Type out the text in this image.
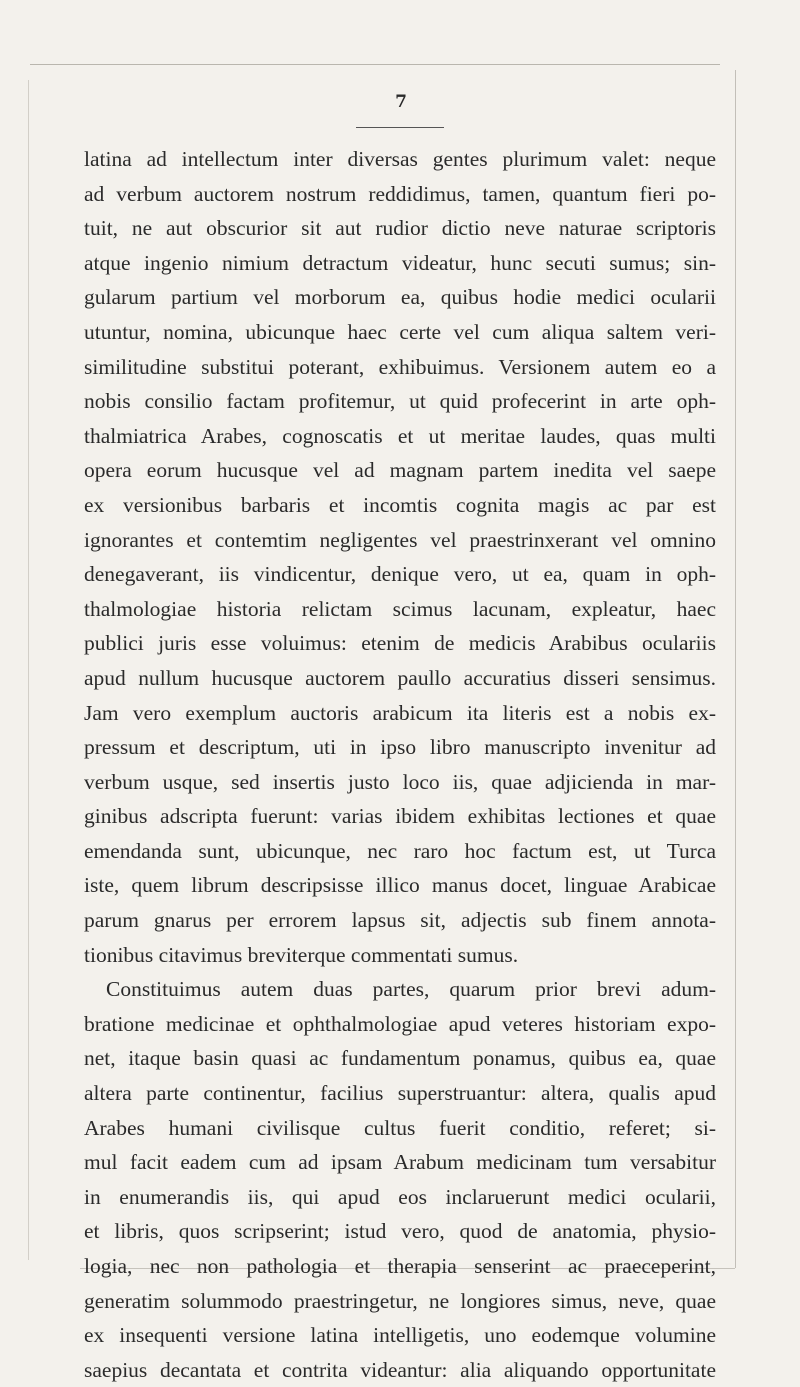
7
latina ad intellectum inter diversas gentes plurimum valet: neque
ad verbum auctorem nostrum reddidimus, tamen, quantum fieri po-
tuit, ne aut obscurior sit aut rudior dictio neve naturae scriptoris
atque ingenio nimium detractum videatur, hunc secuti sumus; sin-
gularum partium vel morborum ea, quibus hodie medici ocularii
utuntur, nomina, ubicunque haec certe vel cum aliqua saltem veri-
similitudine substitui poterant, exhibuimus. Versionem autem eo a
nobis consilio factam profitemur, ut quid profecerint in arte oph-
thalmiatrica Arabes, cognoscatis et ut meritae laudes, quas multi
opera eorum hucusque vel ad magnam partem inedita vel saepe
ex versionibus barbaris et incomtis cognita magis ac par est
ignorantes et contemtim negligentes vel praestrinxerant vel omnino
denegaverant, iis vindicentur, denique vero, ut ea, quam in oph-
thalmologiae historia relictam scimus lacunam, expleatur, haec
publici juris esse voluimus: etenim de medicis Arabibus oculariis
apud nullum hucusque auctorem paullo accuratius disseri sensimus.
Jam vero exemplum auctoris arabicum ita literis est a nobis ex-
pressum et descriptum, uti in ipso libro manuscripto invenitur ad
verbum usque, sed insertis justo loco iis, quae adjicienda in mar-
ginibus adscripta fuerunt: varias ibidem exhibitas lectiones et quae
emendanda sunt, ubicunque, nec raro hoc factum est, ut Turca
iste, quem librum descripsisse illico manus docet, linguae Arabicae
parum gnarus per errorem lapsus sit, adjectis sub finem annota-
tionibus citavimus breviterque commentati sumus.
Constituimus autem duas partes, quarum prior brevi adum-
bratione medicinae et ophthalmologiae apud veteres historiam expo-
net, itaque basin quasi ac fundamentum ponamus, quibus ea, quae
altera parte continentur, facilius superstruantur: altera, qualis apud
Arabes humani civilisque cultus fuerit conditio, referet; si-
mul facit eadem cum ad ipsam Arabum medicinam tum versabitur
in enumerandis iis, qui apud eos inclaruerunt medici ocularii,
et libris, quos scripserint; istud vero, quod de anatomia, physio-
logia, nec non pathologia et therapia senserint ac praeceperint,
generatim solummodo praestringetur, ne longiores simus, neve, quae
ex insequenti versione latina intelligetis, uno eodemque volumine
saepius decantata et contrita videantur: alia aliquando opportunitate
